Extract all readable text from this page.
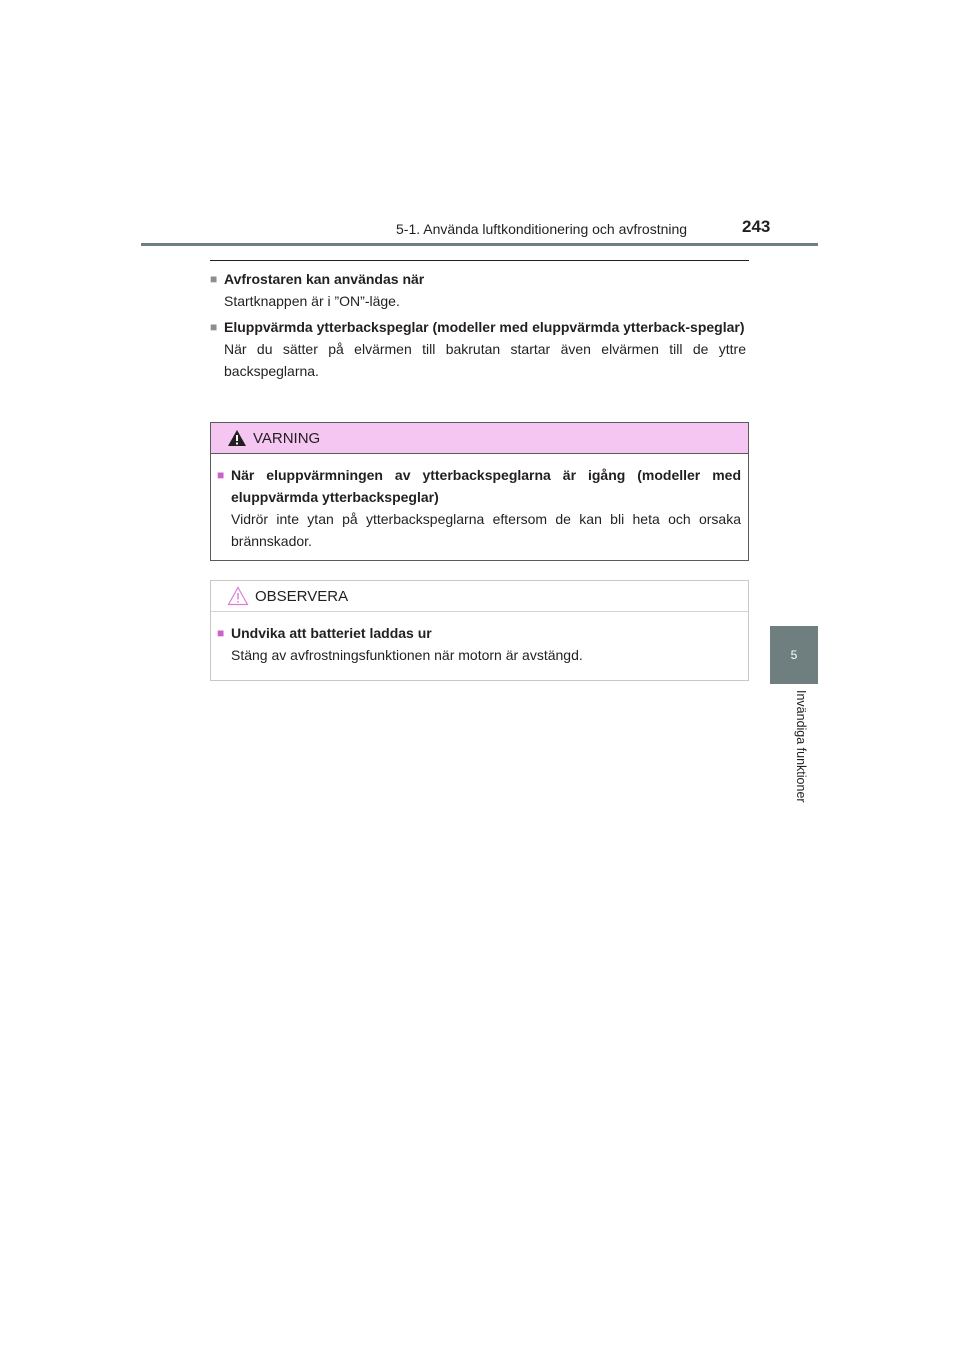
5-1. Använda luftkonditionering och avfrostning	243
5
Invändiga funktioner
■ Avfrostaren kan användas när
Startknappen är i ”ON”-läge.
■ Eluppvärmda ytterbackspeglar (modeller med eluppvärmda ytterback-speglar)
När du sätter på elvärmen till bakrutan startar även elvärmen till de yttre backspeglarna.
VARNING
■ När eluppvärmningen av ytterbackspeglarna är igång (modeller med eluppvärmda ytterbackspeglar)
Vidrör inte ytan på ytterbackspeglarna eftersom de kan bli heta och orsaka brännskador.
OBSERVERA
■ Undvika att batteriet laddas ur
Stäng av avfrostningsfunktionen när motorn är avstängd.
